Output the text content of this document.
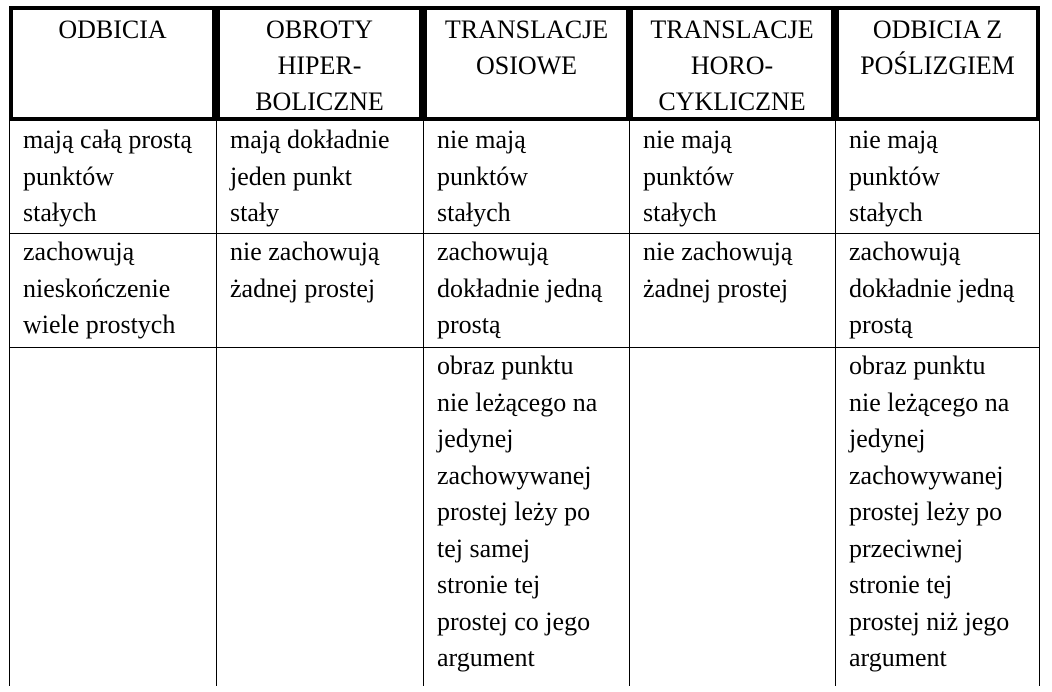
ODBICIA	OBROTY
HIPER-
BOLICZNE
TRANSLACJE
OSIOWE
TRANSLACJE
HORO-
CYKLICZNE
ODBICIA Z
POŚLIZGIEM
mają całą prostą
punktów
stałych
mają dokładnie
jeden punkt
stały
nie mają
punktów
stałych
nie mają
punktów
stałych
nie mają
punktów
stałych
zachowują
nieskończenie
wiele prostych
nie zachowują
żadnej prostej
zachowują
dokładnie jedną
prostą
nie zachowują
żadnej prostej
zachowują
dokładnie jedną
prostą
obraz punktu
nie leżącego na
jedynej
zachowywanej
prostej leży po
tej samej
stronie tej
prostej co jego
argument
obraz punktu
nie leżącego na
jedynej
zachowywanej
prostej leży po
przeciwnej
stronie tej
prostej niż jego
argument
